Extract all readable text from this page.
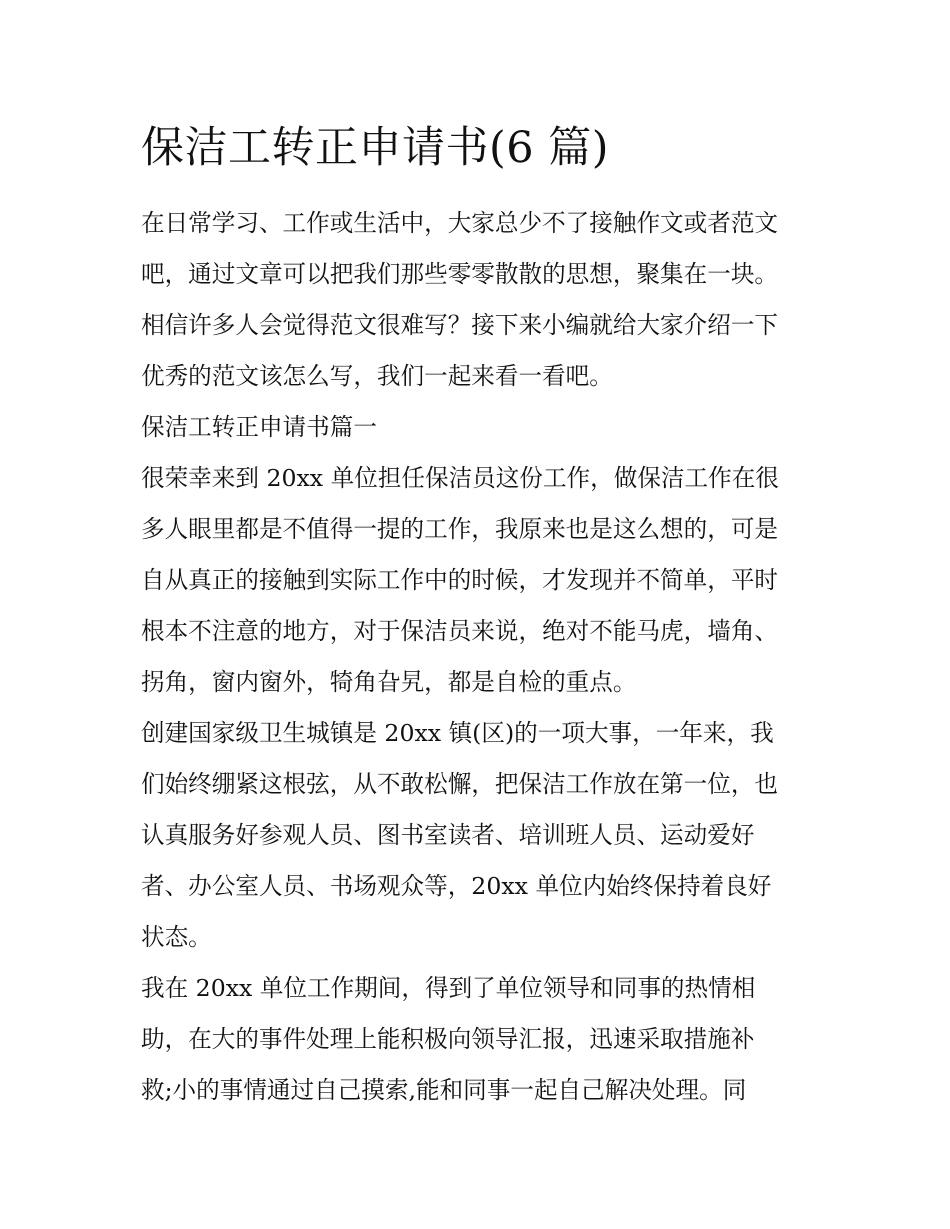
保洁工转正申请书(6 篇)

在日常学习、工作或生活中，大家总少不了接触作文或者范文

吧，通过文章可以把我们那些零零散散的思想，聚集在一块。

相信许多人会觉得范文很难写？接下来小编就给大家介绍一下

优秀的范文该怎么写，我们一起来看一看吧。

保洁工转正申请书篇一

很荣幸来到 20xx 单位担任保洁员这份工作，做保洁工作在很

多人眼里都是不值得一提的工作，我原来也是这么想的，可是

自从真正的接触到实际工作中的时候，才发现并不简单，平时

根本不注意的地方，对于保洁员来说，绝对不能马虎，墙角、

拐角，窗内窗外，犄角旮旯，都是自检的重点。

创建国家级卫生城镇是 20xx 镇(区)的一项大事，一年来，我

们始终绷紧这根弦，从不敢松懈，把保洁工作放在第一位，也

认真服务好参观人员、图书室读者、培训班人员、运动爱好

者、办公室人员、书场观众等，20xx 单位内始终保持着良好

状态。

我在 20xx 单位工作期间，得到了单位领导和同事的热情相

助，在大的事件处理上能积极向领导汇报，迅速采取措施补

救;小的事情通过自己摸索,能和同事一起自己解决处理。同
